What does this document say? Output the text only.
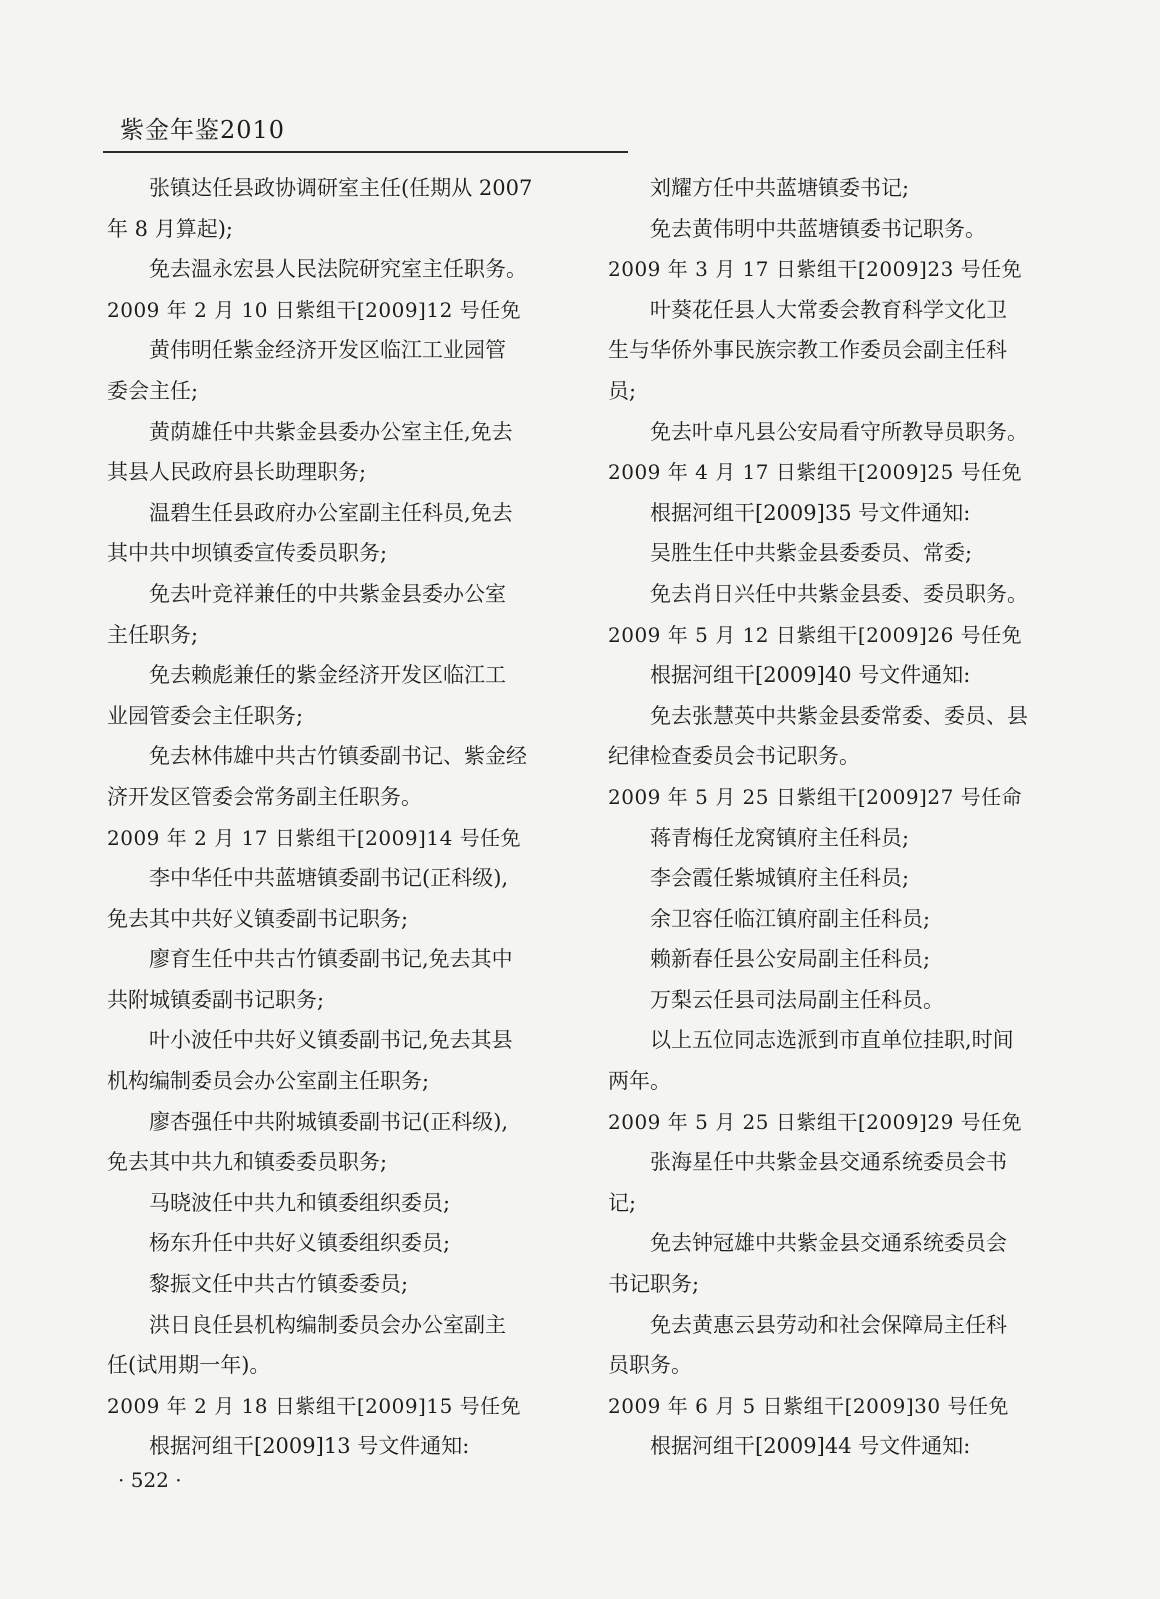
紫金年鉴2010
张镇达任县政协调研室主任(任期从 2007
年 8 月算起);
免去温永宏县人民法院研究室主任职务。
2009 年 2 月 10 日紫组干[2009]12 号任免
黄伟明任紫金经济开发区临江工业园管
委会主任;
黄荫雄任中共紫金县委办公室主任,免去
其县人民政府县长助理职务;
温碧生任县政府办公室副主任科员,免去
其中共中坝镇委宣传委员职务;
免去叶竞祥兼任的中共紫金县委办公室
主任职务;
免去赖彪兼任的紫金经济开发区临江工
业园管委会主任职务;
免去林伟雄中共古竹镇委副书记、紫金经
济开发区管委会常务副主任职务。
2009 年 2 月 17 日紫组干[2009]14 号任免
李中华任中共蓝塘镇委副书记(正科级),
免去其中共好义镇委副书记职务;
廖育生任中共古竹镇委副书记,免去其中
共附城镇委副书记职务;
叶小波任中共好义镇委副书记,免去其县
机构编制委员会办公室副主任职务;
廖杏强任中共附城镇委副书记(正科级),
免去其中共九和镇委委员职务;
马晓波任中共九和镇委组织委员;
杨东升任中共好义镇委组织委员;
黎振文任中共古竹镇委委员;
洪日良任县机构编制委员会办公室副主
任(试用期一年)。
2009 年 2 月 18 日紫组干[2009]15 号任免
根据河组干[2009]13 号文件通知:
刘耀方任中共蓝塘镇委书记;
免去黄伟明中共蓝塘镇委书记职务。
2009 年 3 月 17 日紫组干[2009]23 号任免
叶葵花任县人大常委会教育科学文化卫
生与华侨外事民族宗教工作委员会副主任科
员;
免去叶卓凡县公安局看守所教导员职务。
2009 年 4 月 17 日紫组干[2009]25 号任免
根据河组干[2009]35 号文件通知:
吴胜生任中共紫金县委委员、常委;
免去肖日兴任中共紫金县委、委员职务。
2009 年 5 月 12 日紫组干[2009]26 号任免
根据河组干[2009]40 号文件通知:
免去张慧英中共紫金县委常委、委员、县
纪律检查委员会书记职务。
2009 年 5 月 25 日紫组干[2009]27 号任命
蒋青梅任龙窝镇府主任科员;
李会霞任紫城镇府主任科员;
余卫容任临江镇府副主任科员;
赖新春任县公安局副主任科员;
万梨云任县司法局副主任科员。
以上五位同志选派到市直单位挂职,时间
两年。
2009 年 5 月 25 日紫组干[2009]29 号任免
张海星任中共紫金县交通系统委员会书
记;
免去钟冠雄中共紫金县交通系统委员会
书记职务;
免去黄惠云县劳动和社会保障局主任科
员职务。
2009 年 6 月 5 日紫组干[2009]30 号任免
根据河组干[2009]44 号文件通知:
· 522 ·
